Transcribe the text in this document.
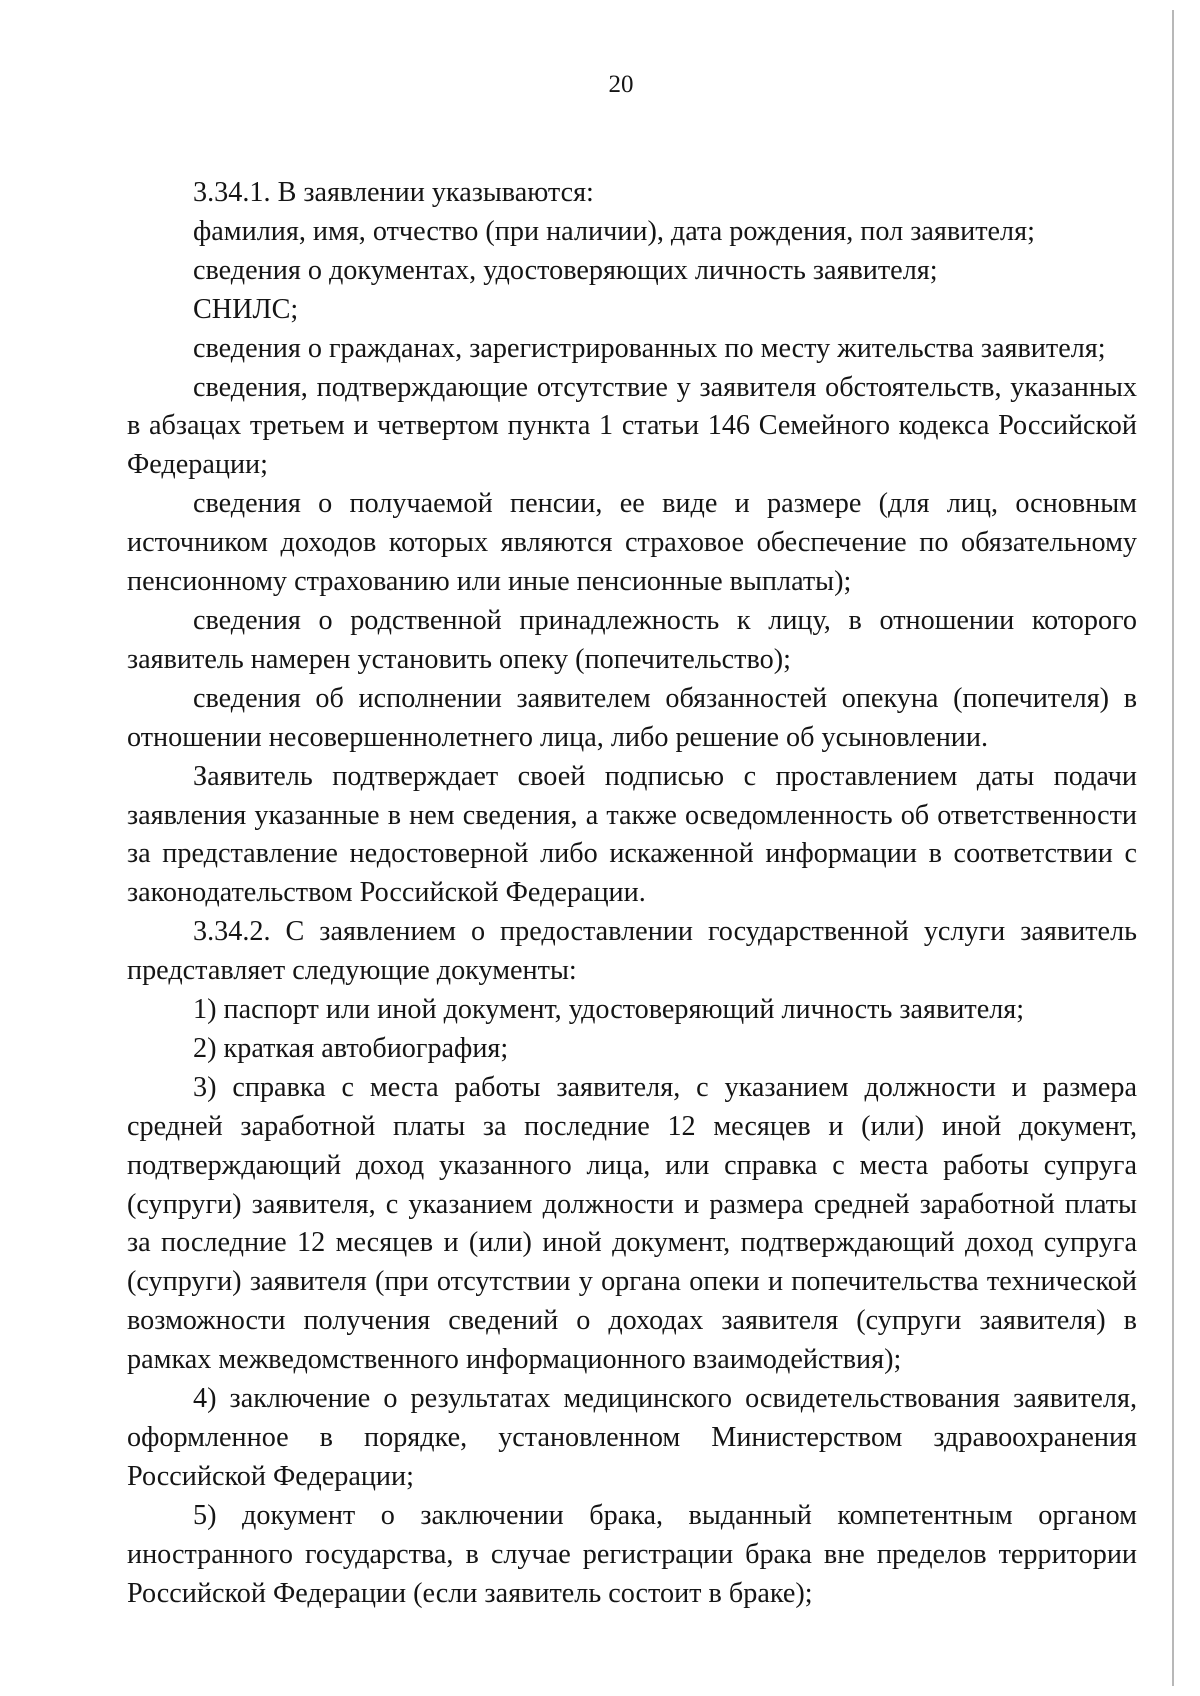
20

3.34.1. В заявлении указываются:

фамилия, имя, отчество (при наличии), дата рождения, пол заявителя;

сведения о документах, удостоверяющих личность заявителя;

СНИЛС;

сведения о гражданах, зарегистрированных по месту жительства заявителя;

сведения, подтверждающие отсутствие у заявителя обстоятельств, указанных в абзацах третьем и четвертом пункта 1 статьи 146 Семейного кодекса Российской Федерации;

сведения о получаемой пенсии, ее виде и размере (для лиц, основным источником доходов которых являются страховое обеспечение по обязательному пенсионному страхованию или иные пенсионные выплаты);

сведения о родственной принадлежность к лицу, в отношении которого заявитель намерен установить опеку (попечительство);

сведения об исполнении заявителем обязанностей опекуна (попечителя) в отношении несовершеннолетнего лица, либо решение об усыновлении.

Заявитель подтверждает своей подписью с проставлением даты подачи заявления указанные в нем сведения, а также осведомленность об ответственности за представление недостоверной либо искаженной информации в соответствии с законодательством Российской Федерации.

3.34.2. С заявлением о предоставлении государственной услуги заявитель представляет следующие документы:

1) паспорт или иной документ, удостоверяющий личность заявителя;

2) краткая автобиография;

3) справка с места работы заявителя, с указанием должности и размера средней заработной платы за последние 12 месяцев и (или) иной документ, подтверждающий доход указанного лица, или справка с места работы супруга (супруги) заявителя, с указанием должности и размера средней заработной платы за последние 12 месяцев и (или) иной документ, подтверждающий доход супруга (супруги) заявителя (при отсутствии у органа опеки и попечительства технической возможности получения сведений о доходах заявителя (супруги заявителя) в рамках межведомственного информационного взаимодействия);

4) заключение о результатах медицинского освидетельствования заявителя, оформленное в порядке, установленном Министерством здравоохранения Российской Федерации;

5) документ о заключении брака, выданный компетентным органом иностранного государства, в случае регистрации брака вне пределов территории Российской Федерации (если заявитель состоит в браке);
